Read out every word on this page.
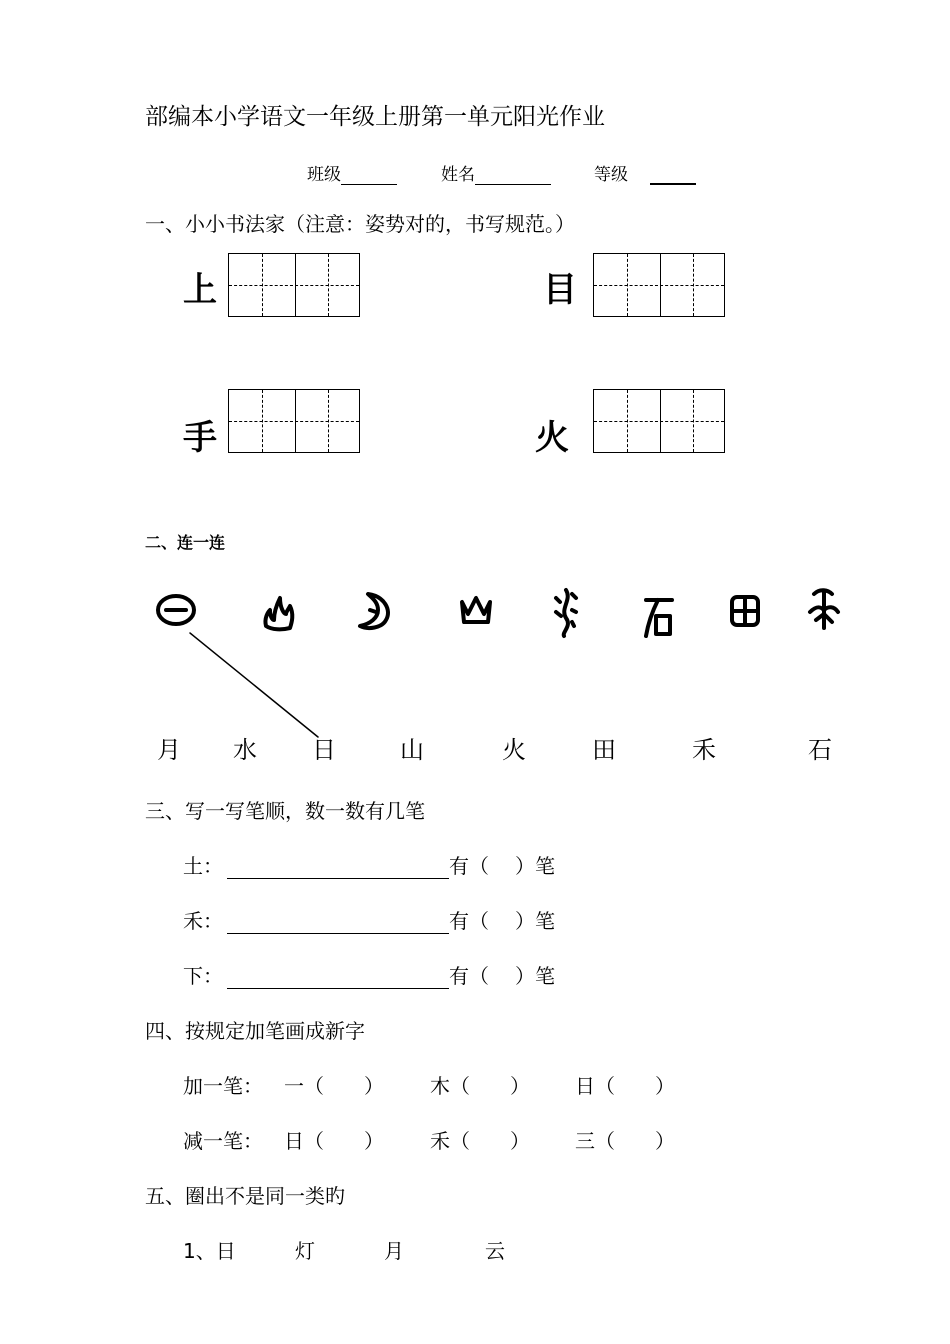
部编本小学语文一年级上册第一单元阳光作业
班级	姓名	等级
一、小小书法家（注意：姿势对的，书写规范。）
上	目
手	火
二、连一连
月 水 日	山	火	田	禾	石
三、写一写笔顺，数一数有几笔
土：	有（ ）笔
禾：	有（ ）笔
下：	有（ ）笔
四、按规定加笔画成新字
加一笔： 一（　　） 木（　　） 日（　　）
减一笔： 日（　　） 禾（　　） 三（　　）
五、圈出不是同一类旳
1、日	灯	月	云
